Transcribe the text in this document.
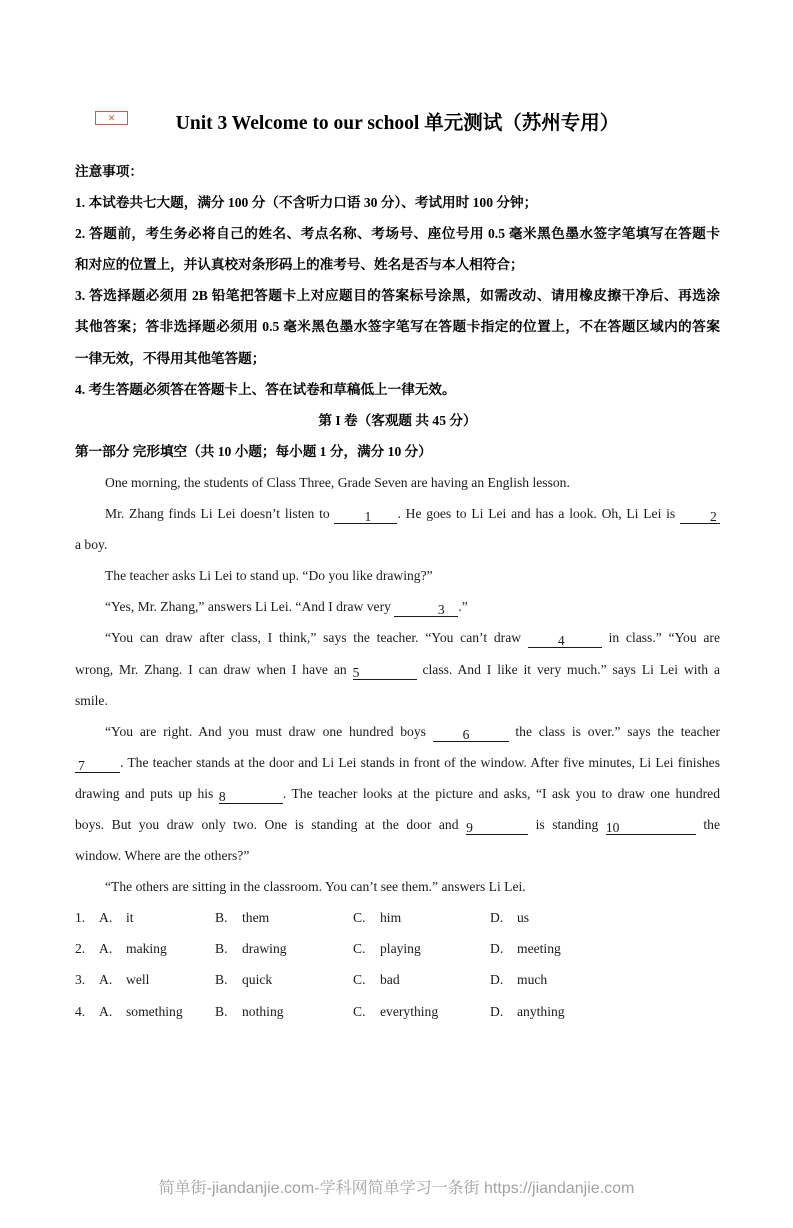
✕	Unit 3 Welcome to our school 单元测试（苏州专用）
注意事项：
1. 本试卷共七大题，满分 100 分（不含听力口语 30 分）、考试用时 100 分钟；
2. 答题前，考生务必将自己的姓名、考点名称、考场号、座位号用 0.5 毫米黑色墨水签字笔填写在答题卡
和对应的位置上，并认真校对条形码上的准考号、姓名是否与本人相符合；
3. 答选择题必须用 2B 铅笔把答题卡上对应题目的答案标号涂黑，如需改动、请用橡皮擦干净后、再选涂
其他答案；答非选择题必须用 0.5 毫米黑色墨水签字笔写在答题卡指定的位置上，不在答题区域内的答案
一律无效，不得用其他笔答题；
4. 考生答题必须答在答题卡上、答在试卷和草稿低上一律无效。
第 I 卷（客观题 共 45 分）
第一部分 完形填空（共 10 小题；每小题 1 分，满分 10 分）
One morning, the students of Class Three, Grade Seven are having an English lesson.
Mr. Zhang finds Li Lei doesn’t listen to 1 . He goes to Li Lei and has a look. Oh, Li Lei is 2
a boy.
The teacher asks Li Lei to stand up. “Do you like drawing?”
“Yes, Mr. Zhang,” answers Li Lei. “And I draw very	3 .”
“You can draw after class, I think,” says the teacher. “You can’t draw 4	in class.” “You are
wrong, Mr. Zhang. I can draw when I have an 5	class. And I like it very much.” says Li Lei with a
smile.
“You are right. And you must draw one hundred boys 6	the class is over.” says the teacher
7	. The teacher stands at the door and Li Lei stands in front of the window. After five minutes, Li Lei finishes
drawing and puts up his 8	. The teacher looks at the picture and asks, “I ask you to draw one hundred
boys. But you draw only two. One is standing at the door and 9	is standing 10	the
window. Where are the others?”
“The others are sitting in the classroom. You can’t see them.” answers Li Lei.
1. A. it	B. them	C. him	D. us
2. A. making	B. drawing	C. playing	D. meeting
3. A. well	B. quick	C. bad	D. much
4. A. something	B. nothing	C. everything	D. anything
简单街-jiandanjie.com-学科网简单学习一条街 https://jiandanjie.com
